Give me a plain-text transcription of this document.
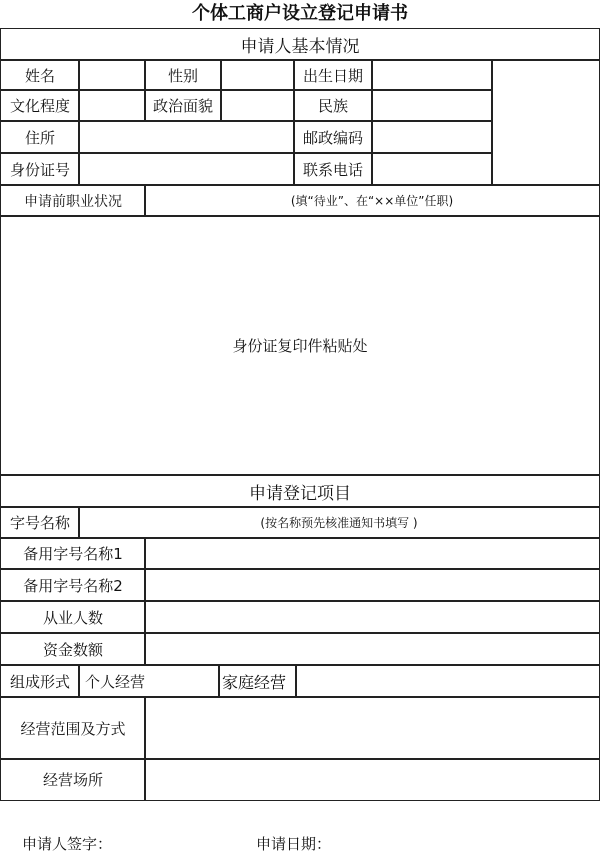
个体工商户设立登记申请书
申请人基本情况
姓名	性别	出生日期
文化程度	政治面貌	民族
住所	邮政编码
身份证号	联系电话
申请前职业状况	(填“待业”、在“××单位”任职)
身份证复印件粘贴处
申请登记项目
字号名称	(按名称预先核准通知书填写 )
备用字号名称1
备用字号名称2
从业人数
资金数额
组成形式	个人经营	家庭经营
经营范围及方式
经营场所
申请人签字：	申请日期：
